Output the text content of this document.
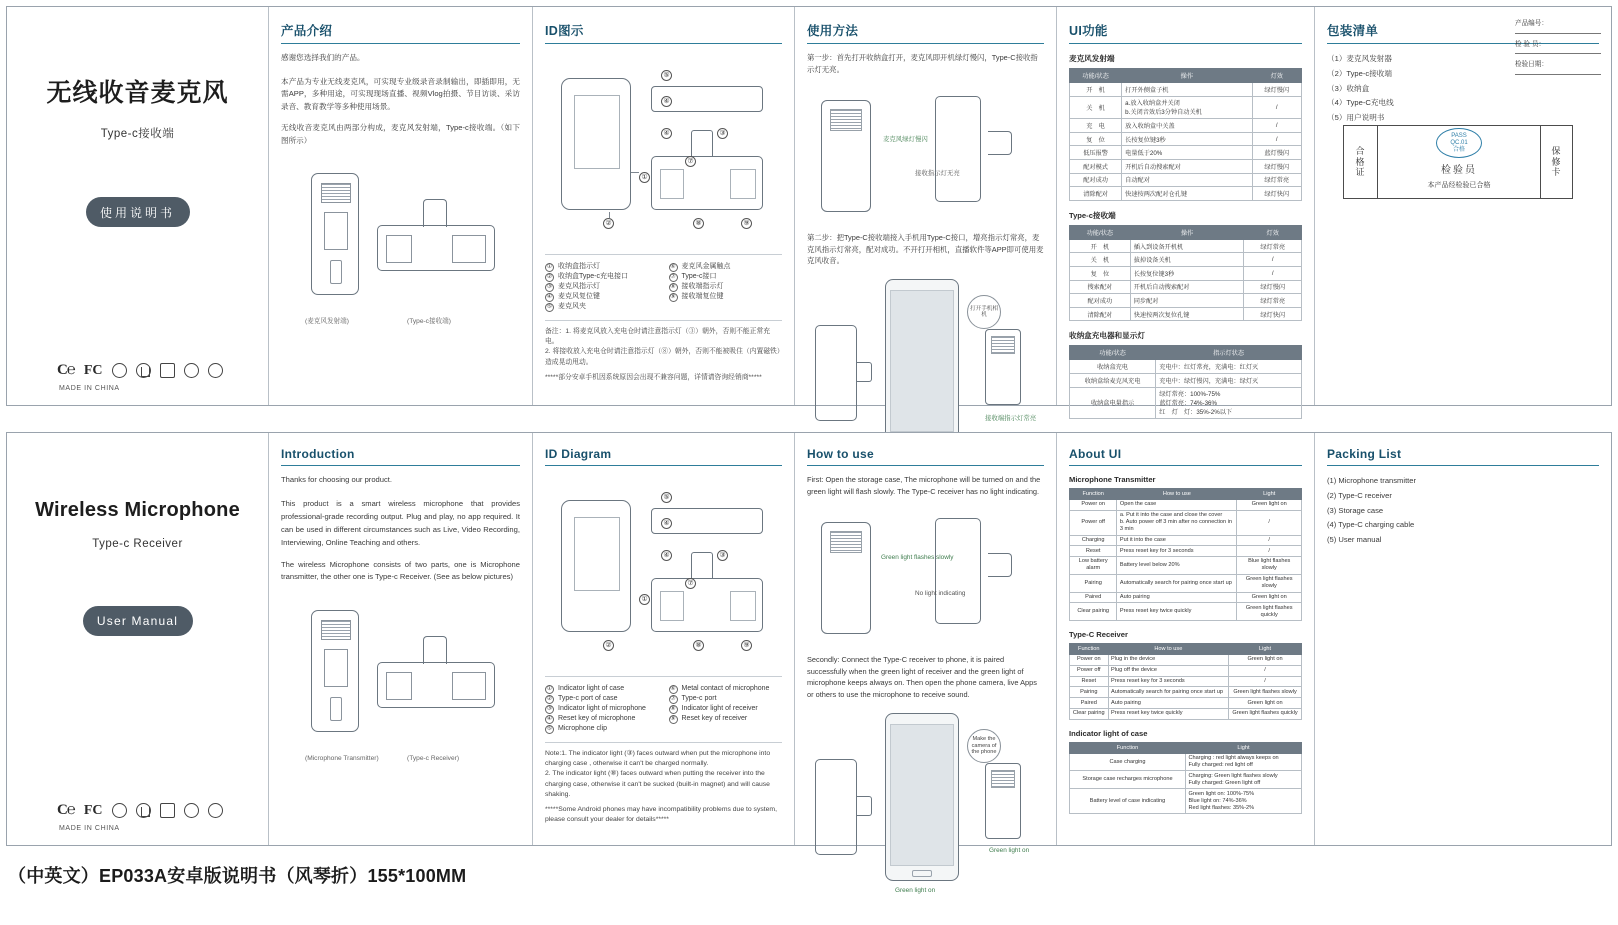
无线收音麦克风
Type-c接收端
使用说明书
C℮ FC
MADE IN CHINA
产品介绍
感谢您选择我们的产品。
本产品为专业无线麦克风，可实现专业级录音录制输出，即插即用，无需APP，多种用途，可实现现场直播、视频Vlog拍摄、节目访谈、采访录音、教育教学等多种使用场景。
无线收音麦克风由两部分构成，麦克风发射端，Type-c接收端。（如下图所示）
(麦克风发射端)	(Type-c接收端)
ID图示
⑤
④
④	③
⑦
①
②	⑧	⑨
① 收纳盒指示灯
② 收纳盒Type-c充电接口
③ 麦克风指示灯
④ 麦克风复位键
⑤ 麦克风夹
⑥ 麦克风金属触点
⑦ Type-c接口
⑧ 接收端指示灯
⑨ 接收端复位键
备注：1. 将麦克风放入充电仓时请注意指示灯（③）朝外，否则不能正常充电。
2. 将接收放入充电仓时请注意指示灯（⑧）朝外，否则不能被吸住（内置磁铁）造成晃动甩动。
*****部分安卓手机因系统原因会出现不兼容问题，详情请咨询经销商*****
使用方法
第一步：首先打开收纳盒打开，麦克风即开机绿灯慢闪，Type-C接收指示灯无亮。
麦克风绿灯慢闪
接收指示灯无亮
第二步：把Type-C接收端接入手机用Type-C接口，增亮指示灯常亮，麦克风指示灯常亮，配对成功。不开打开相机，直播软件等APP即可使用麦克风收音。
打开手机相机
接收端指示灯常亮
UI功能
麦克风发射端
功能/状态	操作	灯效
开　机	打开外侧盒子机	绿灯慢闪
关　机	a.放入收纳盒并关闭
b.关闭音效后3分钟自动关机	/
充　电	放入收纳盒中关盖	/
复　位	长按复位键3秒	/
低压报警	电量低于20%	蓝灯慢闪
配对模式	开机后自动搜索配对	绿灯慢闪
配对成功	自动配对	绿灯常亮
清除配对	快速按两次配对仓孔键	绿灯快闪
Type-c接收端
功能/状态	操作	灯效
开　机	插入到设备开机机	绿灯常亮
关　机	拔掉设备关机	/
复　位	长按复位键3秒	/
搜索配对	开机后自动搜索配对	绿灯慢闪
配对成功	同步配对	绿灯常亮
清除配对	快速按两次复位孔键	绿灯快闪
收纳盒充电器和显示灯
功能/状态	指示灯状态
收纳盒充电	充电中：红灯常亮，充满电：红灯灭
收纳盒给麦克风充电	充电中：绿灯慢闪，充满电：绿灯灭
收纳盒电量指示	绿灯常亮：100%-75%
蓝灯常亮：74%-36%
红　灯　灯：35%-2%以下
包装清单
（1）麦克风发射器
（2）Type-c接收端
（3）收纳盒
（4）Type-C充电线
（5）用户说明书
合
格
证
PASS
QC.01
合格
检验员
本产品经检验已合格
保
修
卡
产品编号：
检 验 员：
检验日期：
Wireless Microphone
Type-c Receiver
User Manual
C℮ FC
MADE IN CHINA
Introduction
Thanks for choosing our product.
This product is a smart wireless microphone that provides professional-grade recording output. Plug and play, no app required. It can be used in different circumstances such as Live, Video Recording, Interviewing, Online Teaching and others.
The wireless Microphone consists of two parts, one is Microphone transmitter, the other one is Type-c Receiver. (See as below pictures)
(Microphone Transmitter)	(Type-c Receiver)
ID Diagram
⑤
④
④	③
⑦
①
②	⑧	⑨
① Indicator light of case
② Type-c port of case
③ Indicator light of microphone
④ Reset key of microphone
⑤ Microphone clip
⑥ Metal contact of microphone
⑦ Type-c port
⑧ Indicator light of receiver
⑨ Reset key of receiver
Note:1. The indicator light (③) faces outward when put the microphone into charging case , otherwise it can't be charged normally.
2. The indicator light (⑧) faces outward when putting the receiver into the charging case, otherwise it can't be sucked (built-in magnet) and will cause shaking.
*****Some Android phones may have incompatibility problems due to system, please consult your dealer for details*****
How to use
First: Open the storage case, The microphone will be turned on and the green light will flash slowly. The Type-C receiver has no light indicating.
Green light flashes slowly
No light indicating
Secondly: Connect the Type-C receiver to phone, it is paired successfully when the green light of receiver and the green light of microphone keeps always on. Then open the phone camera, live Apps or others to use the microphone to receive sound.
Make the camera of the phone
Green light on
Green light on
About UI
Microphone Transmitter
Function	How to use	Light
Power on	Open the case	Green light on
Power off	a. Put it into the case and close the cover
b. Auto power off 3 min after no connection in 3 min	/
Charging	Put it into the case	/
Reset	Press reset key for 3 seconds	/
Low battery alarm	Battery level below 20%	Blue light flashes slowly
Pairing	Automatically search for pairing once start up	Green light flashes slowly
Paired	Auto pairing	Green light on
Clear pairing	Press reset key twice quickly	Green light flashes quickly
Type-C Receiver
Function	How to use	Light
Power on	Plug in the device	Green light on
Power off	Plug off the device	/
Reset	Press reset key for 3 seconds	/
Pairing	Automatically search for pairing once start up	Green light flashes slowly
Paired	Auto pairing	Green light on
Clear pairing	Press reset key twice quickly	Green light flashes quickly
Indicator light of case
Function	Light
Case charging	Charging : red light always keeps on
Fully charged: red light off
Storage case recharges microphone	Charging: Green light flashes slowly
Fully charged: Green light off
Battery level of case indicating	Green light on: 100%-75%
Blue light on: 74%-36%
Red light flashes: 35%-2%
Packing List
(1) Microphone transmitter
(2) Type-C receiver
(3) Storage case
(4) Type-C charging cable
(5) User manual
（中英文）EP033A安卓版说明书（风琴折）155*100MM
